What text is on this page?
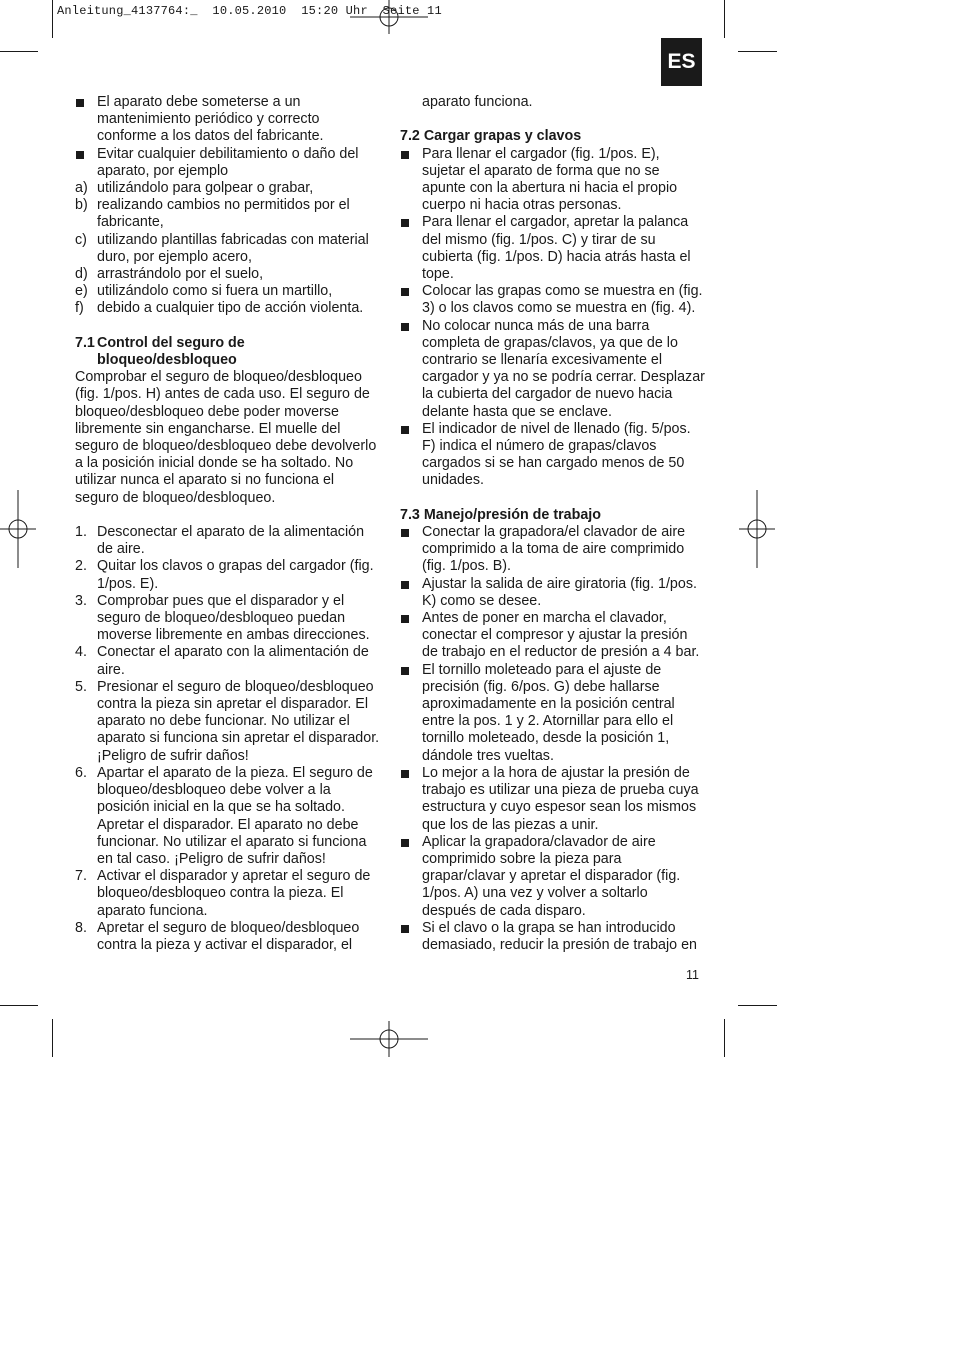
Anleitung_4137764:_  10.05.2010  15:20 Uhr  Seite 11
ES
El aparato debe someterse a un mantenimiento periódico y correcto conforme a los datos del fabricante.
Evitar cualquier debilitamiento o daño del aparato, por ejemplo
a) utilizándolo para golpear o grabar,
b) realizando cambios no permitidos por el fabricante,
c) utilizando plantillas fabricadas con material duro, por ejemplo acero,
d) arrastrándolo por el suelo,
e) utilizándolo como si fuera un martillo,
f) debido a cualquier tipo de acción violenta.
7.1 Control del seguro de bloqueo/desbloqueo
Comprobar el seguro de bloqueo/desbloqueo (fig. 1/pos. H) antes de cada uso. El seguro de bloqueo/desbloqueo debe poder moverse libremente sin engancharse. El muelle del seguro de bloqueo/desbloqueo debe devolverlo a la posición inicial donde se ha soltado. No utilizar nunca el aparato si no funciona el seguro de bloqueo/desbloqueo.
1. Desconectar el aparato de la alimentación de aire.
2. Quitar los clavos o grapas del cargador (fig. 1/pos. E).
3. Comprobar pues que el disparador y el seguro de bloqueo/desbloqueo puedan moverse libremente en ambas direcciones.
4. Conectar el aparato con la alimentación de aire.
5. Presionar el seguro de bloqueo/desbloqueo contra la pieza sin apretar el disparador. El aparato no debe funcionar. No utilizar el aparato si funciona sin apretar el disparador. ¡Peligro de sufrir daños!
6. Apartar el aparato de la pieza. El seguro de bloqueo/desbloqueo debe volver a la posición inicial en la que se ha soltado. Apretar el disparador. El aparato no debe funcionar. No utilizar el aparato si funciona en tal caso. ¡Peligro de sufrir daños!
7. Activar el disparador y apretar el seguro de bloqueo/desbloqueo contra la pieza. El aparato funciona.
8. Apretar el seguro de bloqueo/desbloqueo contra la pieza y activar el disparador, el
aparato funciona.
7.2 Cargar grapas y clavos
Para llenar el cargador (fig. 1/pos. E), sujetar el aparato de forma que no se apunte con la abertura ni hacia el propio cuerpo ni hacia otras personas.
Para llenar el cargador, apretar la palanca del mismo (fig. 1/pos. C) y tirar de su cubierta (fig. 1/pos. D) hacia atrás hasta el tope.
Colocar las grapas como se muestra en (fig. 3) o los clavos como se muestra en (fig. 4).
No colocar nunca más de una barra completa de grapas/clavos, ya que de lo contrario se llenaría excesivamente el cargador y ya no se podría cerrar. Desplazar la cubierta del cargador de nuevo hacia delante hasta que se enclave.
El indicador de nivel de llenado (fig. 5/pos. F) indica el número de grapas/clavos cargados si se han cargado menos de 50 unidades.
7.3 Manejo/presión de trabajo
Conectar la grapadora/el clavador de aire comprimido a la toma de aire comprimido (fig. 1/pos. B).
Ajustar la salida de aire giratoria (fig. 1/pos. K) como se desee.
Antes de poner en marcha el clavador, conectar el compresor y ajustar la presión de trabajo en el reductor de presión a 4 bar.
El tornillo moleteado para el ajuste de precisión (fig. 6/pos. G) debe hallarse aproximadamente en la posición central entre la pos. 1 y 2. Atornillar para ello el tornillo moleteado, desde la posición 1, dándole tres vueltas.
Lo mejor a la hora de ajustar la presión de trabajo es utilizar una pieza de prueba cuya estructura y cuyo espesor sean los mismos que los de las piezas a unir.
Aplicar la grapadora/clavador de aire comprimido sobre la pieza para grapar/clavar y apretar el disparador (fig. 1/pos. A) una vez y volver a soltarlo después de cada disparo.
Si el clavo o la grapa se han introducido demasiado, reducir la presión de trabajo en
11
